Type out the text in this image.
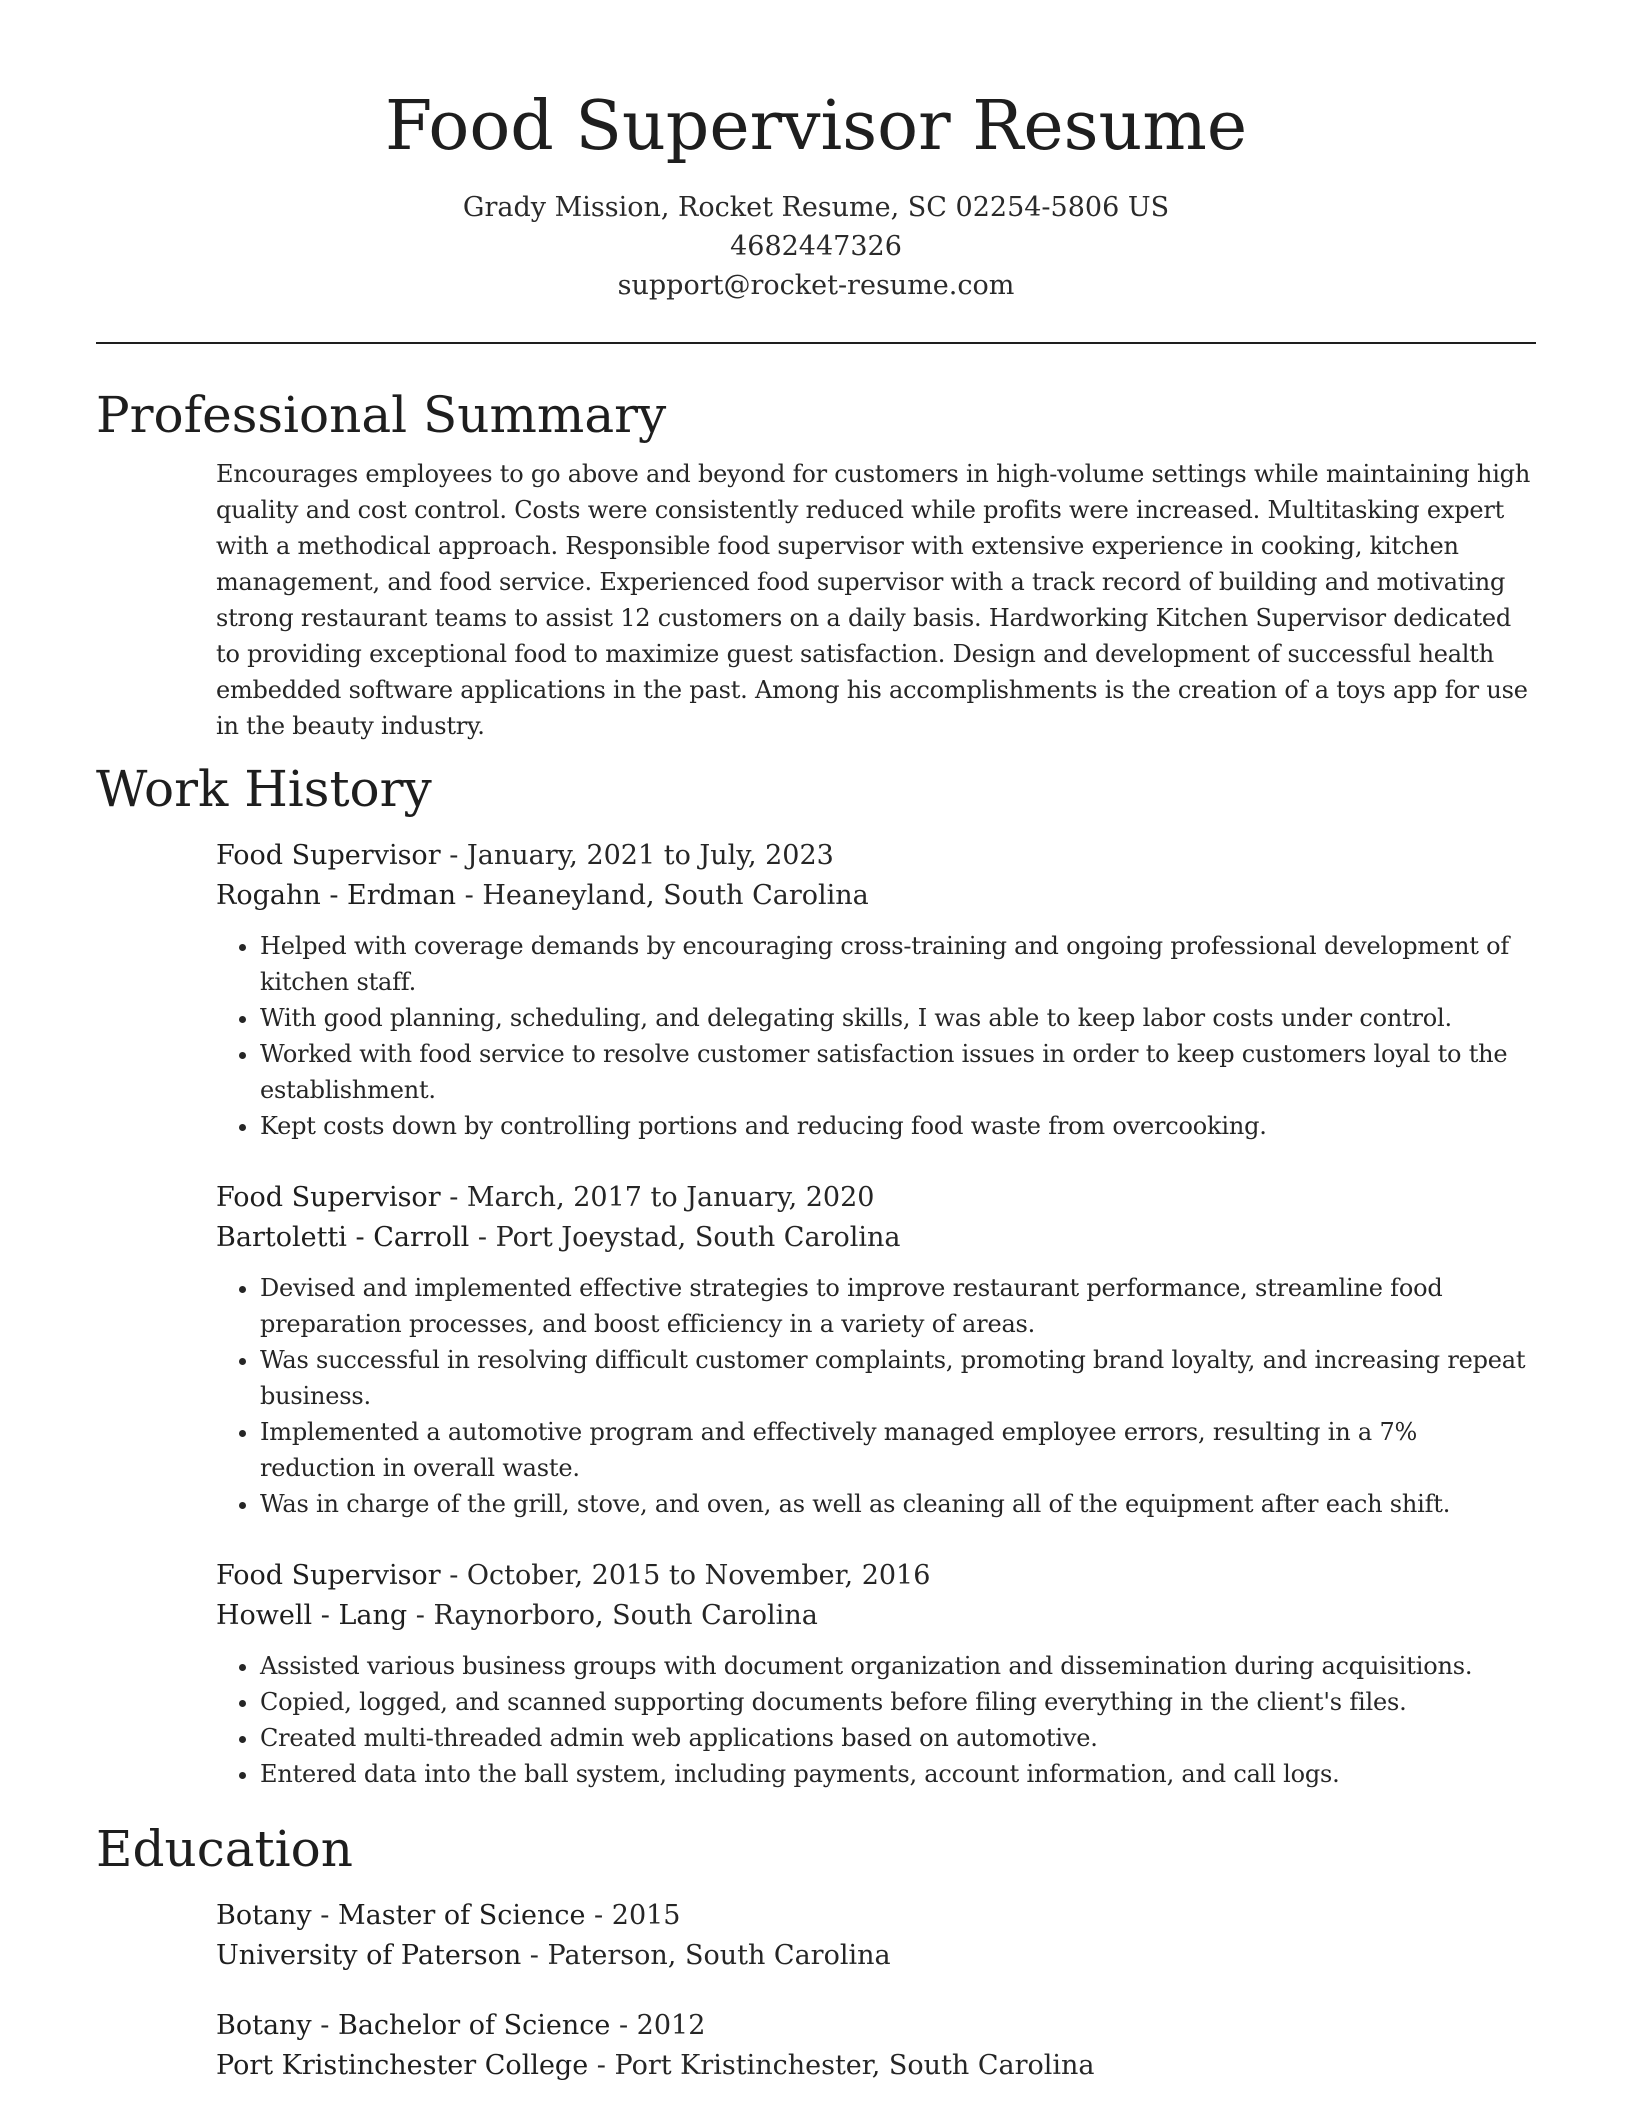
Food Supervisor Resume
Grady Mission, Rocket Resume, SC 02254-5806 US
4682447326
support@rocket-resume.com
Professional Summary

Encourages employees to go above and beyond for customers in high-volume settings while maintaining high quality and cost control. Costs were consistently reduced while profits were increased. Multitasking expert with a methodical approach. Responsible food supervisor with extensive experience in cooking, kitchen management, and food service. Experienced food supervisor with a track record of building and motivating strong restaurant teams to assist 12 customers on a daily basis. Hardworking Kitchen Supervisor dedicated to providing exceptional food to maximize guest satisfaction. Design and development of successful health embedded software applications in the past. Among his accomplishments is the creation of a toys app for use in the beauty industry.

Work History
Food Supervisor - January, 2021 to July, 2023
Rogahn - Erdman - Heaneyland, South Carolina
• Helped with coverage demands by encouraging cross-training and ongoing professional development of kitchen staff.
• With good planning, scheduling, and delegating skills, I was able to keep labor costs under control.
• Worked with food service to resolve customer satisfaction issues in order to keep customers loyal to the establishment.
• Kept costs down by controlling portions and reducing food waste from overcooking.
Food Supervisor - March, 2017 to January, 2020
Bartoletti - Carroll - Port Joeystad, South Carolina
• Devised and implemented effective strategies to improve restaurant performance, streamline food preparation processes, and boost efficiency in a variety of areas.
• Was successful in resolving difficult customer complaints, promoting brand loyalty, and increasing repeat business.
• Implemented a automotive program and effectively managed employee errors, resulting in a 7% reduction in overall waste.
• Was in charge of the grill, stove, and oven, as well as cleaning all of the equipment after each shift.
Food Supervisor - October, 2015 to November, 2016
Howell - Lang - Raynorboro, South Carolina
• Assisted various business groups with document organization and dissemination during acquisitions.
• Copied, logged, and scanned supporting documents before filing everything in the client's files.
• Created multi-threaded admin web applications based on automotive.
• Entered data into the ball system, including payments, account information, and call logs.
Education
Botany - Master of Science - 2015
University of Paterson - Paterson, South Carolina
Botany - Bachelor of Science - 2012
Port Kristinchester College - Port Kristinchester, South Carolina
